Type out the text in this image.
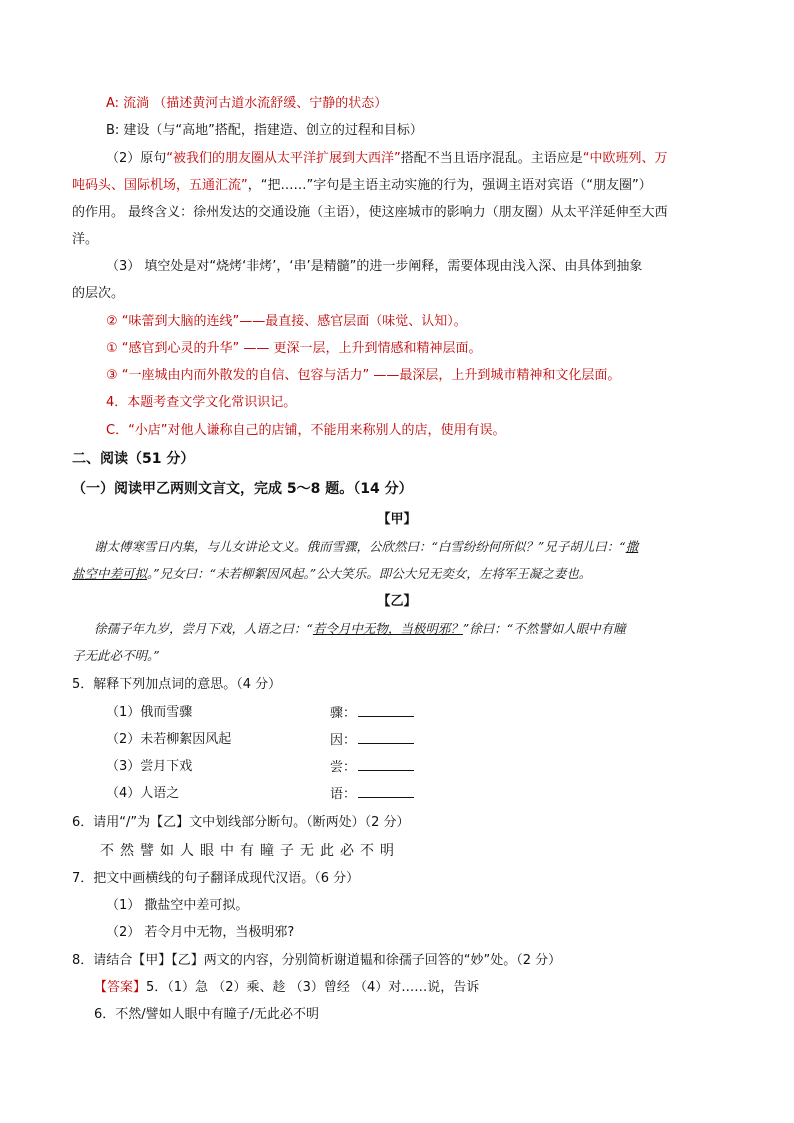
A: 流淌 （描述黄河古道水流舒缓、宁静的状态）
B: 建设（与“高地”搭配，指建造、创立的过程和目标）
（2）原句“被我们的朋友圈从太平洋扩展到大西洋”搭配不当且语序混乱。主语应是“中欧班列、万
吨码头、国际机场，五通汇流”，“把……”字句是主语主动实施的行为，强调主语对宾语（“朋友圈”）
的作用。 最终含义：徐州发达的交通设施（主语），使这座城市的影响力（朋友圈）从太平洋延伸至大西
洋。
（3） 填空处是对“烧烤‘非烤’，‘串’是精髓”的进一步阐释，需要体现由浅入深、由具体到抽象
的层次。
② “味蕾到大脑的连线”——最直接、感官层面（味觉、认知）。
① “感官到心灵的升华” —— 更深一层，上升到情感和精神层面。
③ “一座城由内而外散发的自信、包容与活力” ——最深层，上升到城市精神和文化层面。
4．本题考查文学文化常识识记。
C．“小店”对他人谦称自己的店铺，不能用来称别人的店，使用有误。
二、阅读（51 分）
（一）阅读甲乙两则文言文，完成 5～8 题。（14 分）
【甲】
谢太傅寒雪日内集，与儿女讲论文义。俄而雪骤，公欣然曰：“白雪纷纷何所似？”兄子胡儿曰：“撒
盐空中差可拟。”兄女曰：“未若柳絮因风起。”公大笑乐。即公大兄无奕女，左将军王凝之妻也。
【乙】
徐孺子年九岁，尝月下戏，人语之曰：“若令月中无物，当极明邪？”徐曰：“不然譬如人眼中有瞳
子无此必不明。”
5．解释下列加点词的意思。（4 分）
（1）俄而雪骤	骤：
（2）未若柳絮因风起	因：
（3）尝月下戏	尝：
（4）人语之	语：
6．请用“/”为【乙】文中划线部分断句。（断两处）（2 分）
不然譬如人眼中有瞳子无此必不明
7．把文中画横线的句子翻译成现代汉语。（6 分）
（1） 撒盐空中差可拟。
（2） 若令月中无物，当极明邪?
8．请结合【甲】【乙】两文的内容，分别简析谢道韫和徐孺子回答的“妙”处。（2 分）
【答案】5．（1）急 （2）乘、趁 （3）曾经 （4）对……说，告诉
6．不然/譬如人眼中有瞳子/无此必不明
